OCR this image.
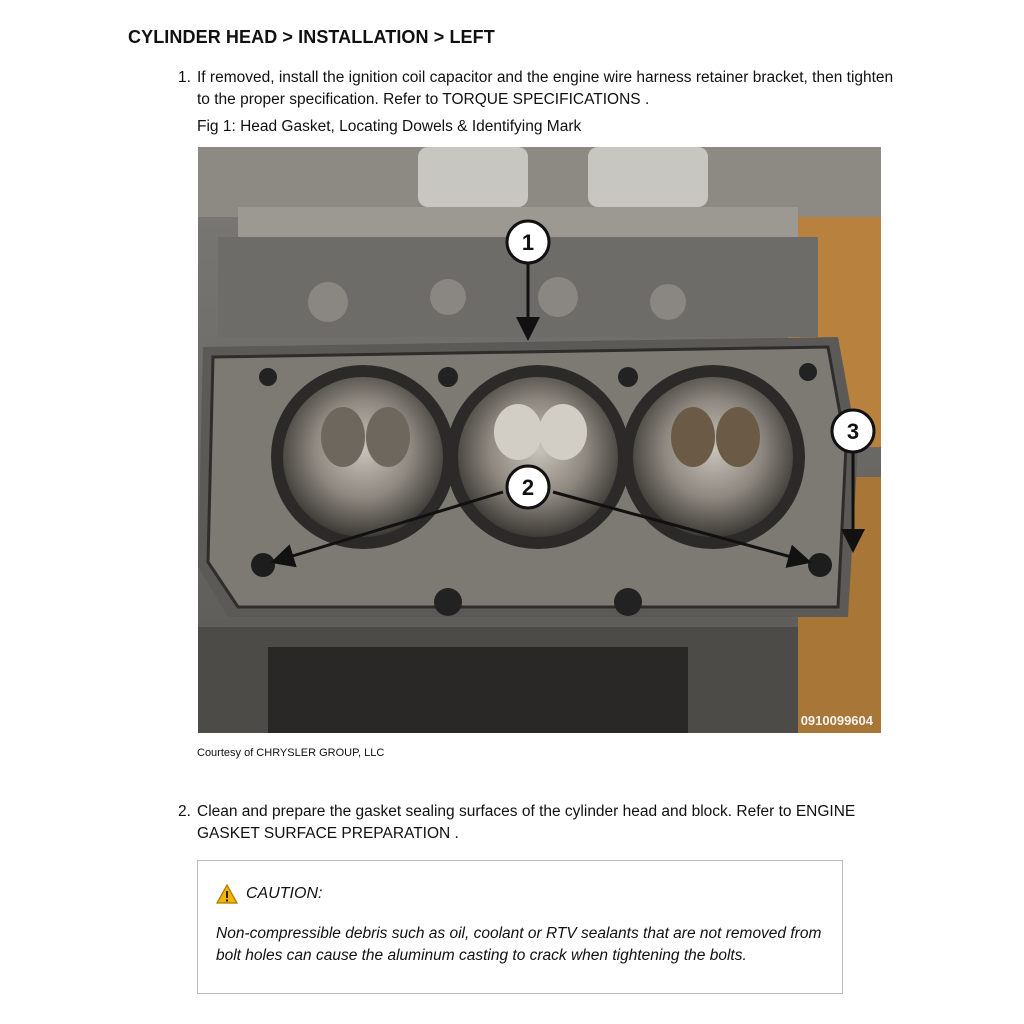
CYLINDER HEAD > INSTALLATION > LEFT
1. If removed, install the ignition coil capacitor and the engine wire harness retainer bracket, then tighten to the proper specification. Refer to TORQUE SPECIFICATIONS .
Fig 1: Head Gasket, Locating Dowels & Identifying Mark
1
2
3
0910099604
Courtesy of CHRYSLER GROUP, LLC
2. Clean and prepare the gasket sealing surfaces of the cylinder head and block. Refer to ENGINE GASKET SURFACE PREPARATION .
CAUTION:
Non-compressible debris such as oil, coolant or RTV sealants that are not removed from bolt holes can cause the aluminum casting to crack when tightening the bolts.
